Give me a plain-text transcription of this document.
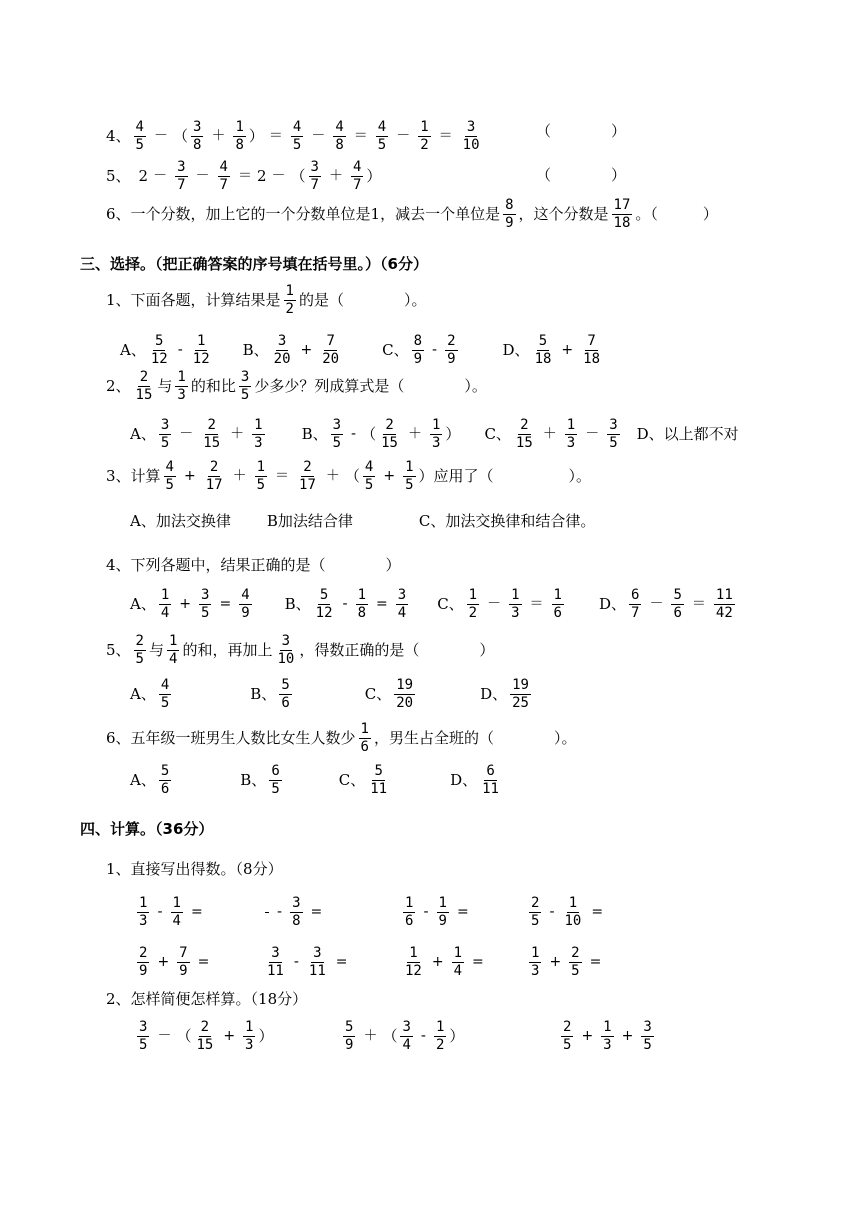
4、 $\frac{4}{5}$ － （ $\frac{3}{8} + \frac{1}{8}$ ） ＝ $\frac{4}{5} - \frac{4}{8} = \frac{4}{5} - \frac{1}{2} = \frac{3}{10}$	（　　　　）
5、 $2 - \frac{3}{7} - \frac{4}{7} = 2$ － （ $\frac{3}{7} + \frac{4}{7}$ ）	（　　　　）
6、一个分数，加上它的一个分数单位是1，减去一个单位是 $\frac{8}{9}$ ，这个分数是 $\frac{17}{18}$ 。（　　　）
三、选择。（把正确答案的序号填在括号里。）（6分）
1、下面各题，计算结果是 $\frac{1}{2}$ 的是（　　　　）。
A、 $\frac{5}{12} - \frac{1}{12}$ B、 $\frac{3}{20} + \frac{7}{20}$	C、 $\frac{8}{9} - \frac{2}{9}$	D、 $\frac{5}{18} + \frac{7}{18}$
2、 $\frac{2}{15}$ 与 $\frac{1}{3}$ 的和比 $\frac{3}{5}$ 少多少？列成算式是（　　　　）。
A、 $\frac{3}{5} - \frac{2}{15} + \frac{1}{3}$ B、 $\frac{3}{5}$ - （ $\frac{2}{15} + \frac{1}{3}$ ） C、 $\frac{2}{15} + \frac{1}{3} - \frac{3}{5}$ D、以上都不对
3、计算 $\frac{4}{5} + \frac{2}{17} + \frac{1}{5} = \frac{2}{17}$ ＋ （ $\frac{4}{5} + \frac{1}{5}$ ） 应用了（　　　　　）。
A、加法交换律 B加法结合律	C、加法交换律和结合律。
4、下列各题中，结果正确的是（　　　　）
A、 $\frac{1}{4} + \frac{3}{5} = \frac{4}{9}$ B、 $\frac{5}{12} - \frac{1}{8} = \frac{3}{4}$ C、 $\frac{1}{2} - \frac{1}{3} = \frac{1}{6}$ D、 $\frac{6}{7} - \frac{5}{6} = \frac{11}{42}$
5、 $\frac{2}{5}$ 与 $\frac{1}{4}$ 的和，再加上 $\frac{3}{10}$ ，得数正确的是（　　　　）
A、 $\frac{4}{5}$	B、 $\frac{5}{6}$	C、 $\frac{19}{20}$	D、 $\frac{19}{25}$
6、五年级一班男生人数比女生人数少 $\frac{1}{6}$ ，男生占全班的（　　　　）。
A、 $\frac{5}{6}$	B、 $\frac{6}{5}$	C、 $\frac{5}{11}$	D、 $\frac{6}{11}$
四、计算。（36分）
1、直接写出得数。（8分）
$\frac{1}{3} - \frac{1}{4}$ =	- $\frac{3}{8}$ =	$\frac{1}{6} - \frac{1}{9}$ =	$\frac{2}{5} - \frac{1}{10}$ =
$\frac{2}{9} + \frac{7}{9}$ =	$\frac{3}{11} - \frac{3}{11}$ =	$\frac{1}{12} + \frac{1}{4}$ =	$\frac{1}{3} + \frac{2}{5}$ =
2、怎样简便怎样算。（18分）
$\frac{3}{5}$ － （ $\frac{2}{15} + \frac{1}{3}$ ）	$\frac{5}{9}$ ＋ （ $\frac{3}{4} - \frac{1}{2}$ ）	$\frac{2}{5} + \frac{1}{3} + \frac{3}{5}$
